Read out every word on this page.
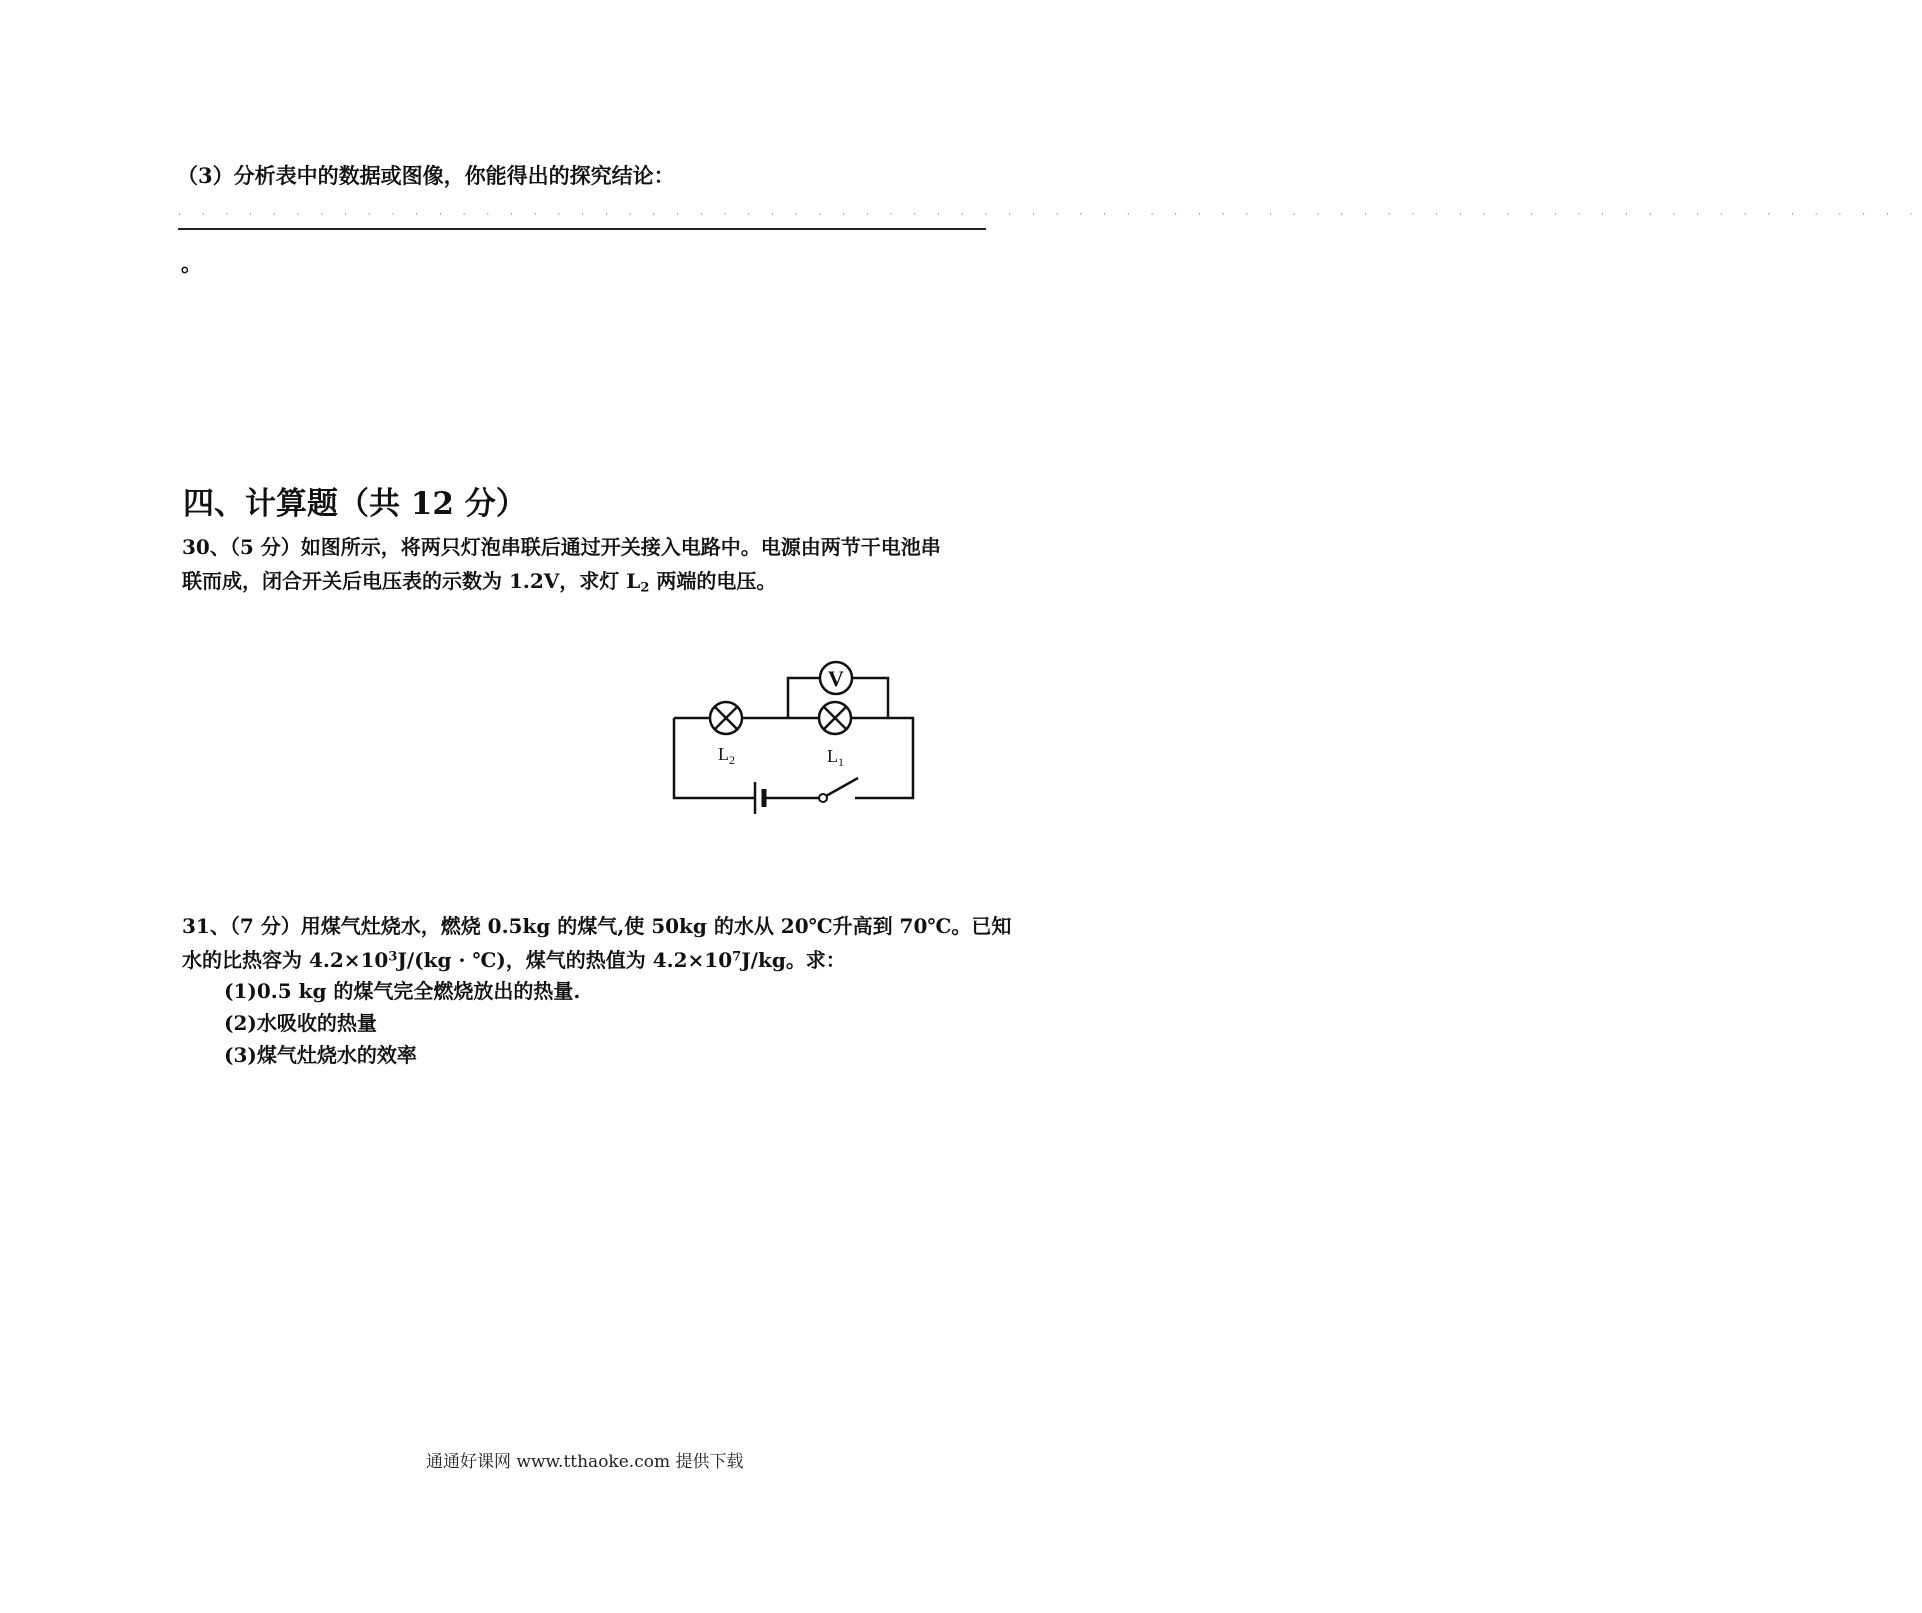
（3）分析表中的数据或图像，你能得出的探究结论：
· · · · · · · · · · · · · · · · · · · · · · · · · · · · · · · · · · · · · · · · · · · · · · · · · · · · · · · · · · · · · · · · · · · · · · · · · ·
。
四、计算题（共 12 分）
30、（5 分）如图所示，将两只灯泡串联后通过开关接入电路中。电源由两节干电池串
联而成，闭合开关后电压表的示数为 1.2V，求灯 $L_2$ 两端的电压。
V
$L_2$	$L_1$
31、（7 分）用煤气灶烧水，燃烧 0.5kg 的煤气,使 50kg 的水从 20℃升高到 70℃。已知
水的比热容为 $4.2\times 10^3J/(kg$ · ℃)，煤气的热值为 $4.2\times 10^7J/kg$。求：
(1)0.5 kg 的煤气完全燃烧放出的热量.
(2)水吸收的热量
(3)煤气灶烧水的效率
通通好课网 www.tthaoke.com 提供下载
